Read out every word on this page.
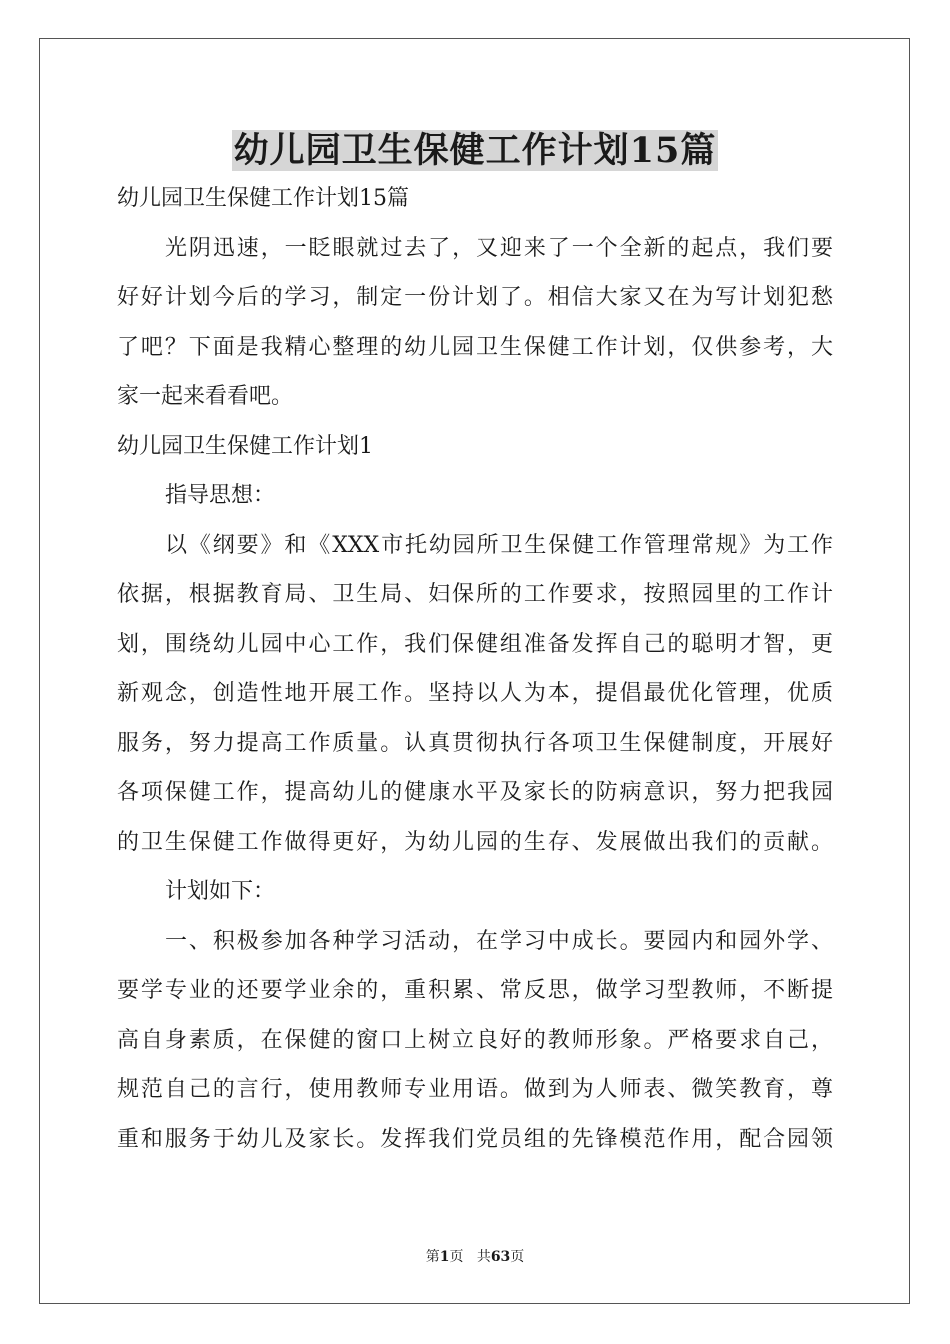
幼儿园卫生保健工作计划15篇
幼儿园卫生保健工作计划15篇
光阴迅速，一眨眼就过去了，又迎来了一个全新的起点，我们要
好好计划今后的学习，制定一份计划了。相信大家又在为写计划犯愁
了吧？下面是我精心整理的幼儿园卫生保健工作计划，仅供参考，大
家一起来看看吧。
幼儿园卫生保健工作计划1
指导思想：
以《纲要》和《XXX市托幼园所卫生保健工作管理常规》为工作
依据，根据教育局、卫生局、妇保所的工作要求，按照园里的工作计
划，围绕幼儿园中心工作，我们保健组准备发挥自己的聪明才智，更
新观念，创造性地开展工作。坚持以人为本，提倡最优化管理，优质
服务，努力提高工作质量。认真贯彻执行各项卫生保健制度，开展好
各项保健工作，提高幼儿的健康水平及家长的防病意识，努力把我园
的卫生保健工作做得更好，为幼儿园的生存、发展做出我们的贡献。
计划如下：
一、积极参加各种学习活动，在学习中成长。要园内和园外学、
要学专业的还要学业余的，重积累、常反思，做学习型教师，不断提
高自身素质，在保健的窗口上树立良好的教师形象。严格要求自己，
规范自己的言行，使用教师专业用语。做到为人师表、微笑教育，尊
重和服务于幼儿及家长。发挥我们党员组的先锋模范作用，配合园领
第1页 共63页
